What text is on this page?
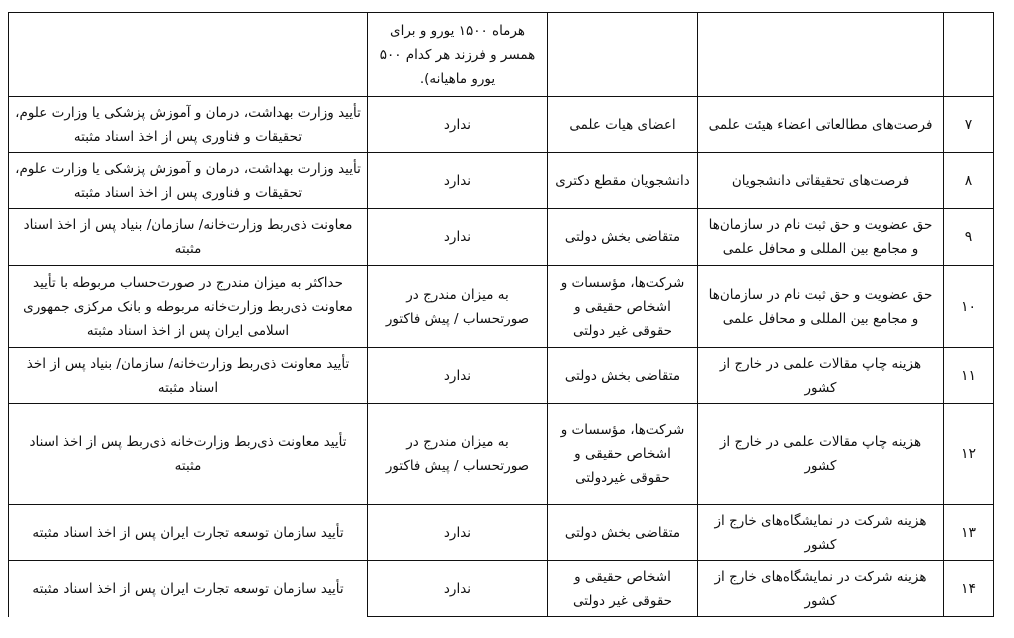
			هرماه ۱۵۰۰ یورو و برای همسر و فرزند هر کدام ۵۰۰ یورو ماهیانه).	
۷	فرصت‌های مطالعاتی اعضاء هیئت علمی	اعضای هیات علمی	ندارد	تأیید وزارت بهداشت، درمان و آموزش پزشکی یا وزارت علوم، تحقیقات و فناوری پس از اخذ اسناد مثبته
۸	فرصت‌های تحقیقاتی دانشجویان	دانشجویان مقطع دکتری	ندارد	تأیید وزارت بهداشت، درمان و آموزش پزشکی یا وزارت علوم، تحقیقات و فناوری پس از اخذ اسناد مثبته
۹	حق عضویت و حق ثبت نام در سازمان‌ها و مجامع بین المللی و محافل علمی	متقاضی بخش دولتی	ندارد	معاونت ذی‌ربط وزارت‌خانه/ سازمان/ بنیاد پس از اخذ اسناد مثبته
۱۰	حق عضویت و حق ثبت نام در سازمان‌ها و مجامع بین المللی و محافل علمی	شرکت‌ها، مؤسسات و اشخاص حقیقی و حقوقی غیر دولتی	به میزان مندرج در صورتحساب / پیش فاکتور	حداکثر به میزان مندرج در صورت‌حساب مربوطه با تأیید معاونت ذی‌ربط وزارت‌خانه مربوطه و بانک مرکزی جمهوری اسلامی ایران پس از اخذ اسناد مثبته
۱۱	هزینه چاپ مقالات علمی در خارج از کشور	متقاضی بخش دولتی	ندارد	تأیید معاونت ذی‌ربط وزارت‌خانه/ سازمان/ بنیاد پس از اخذ اسناد مثبته
۱۲	هزینه چاپ مقالات علمی در خارج از کشور	شرکت‌ها، مؤسسات و اشخاص حقیقی و حقوقی غیردولتی	به میزان مندرج در صورتحساب / پیش فاکتور	تأیید معاونت ذی‌ربط وزارت‌خانه ذی‌ربط پس از اخذ اسناد مثبته
۱۳	هزینه شرکت در نمایشگاه‌های خارج از کشور	متقاضی بخش دولتی	ندارد	تأیید سازمان توسعه تجارت ایران پس از اخذ اسناد مثبته
۱۴	هزینه شرکت در نمایشگاه‌های خارج از کشور	اشخاص حقیقی و حقوقی غیر دولتی	ندارد	تأیید سازمان توسعه تجارت ایران پس از اخذ اسناد مثبته
